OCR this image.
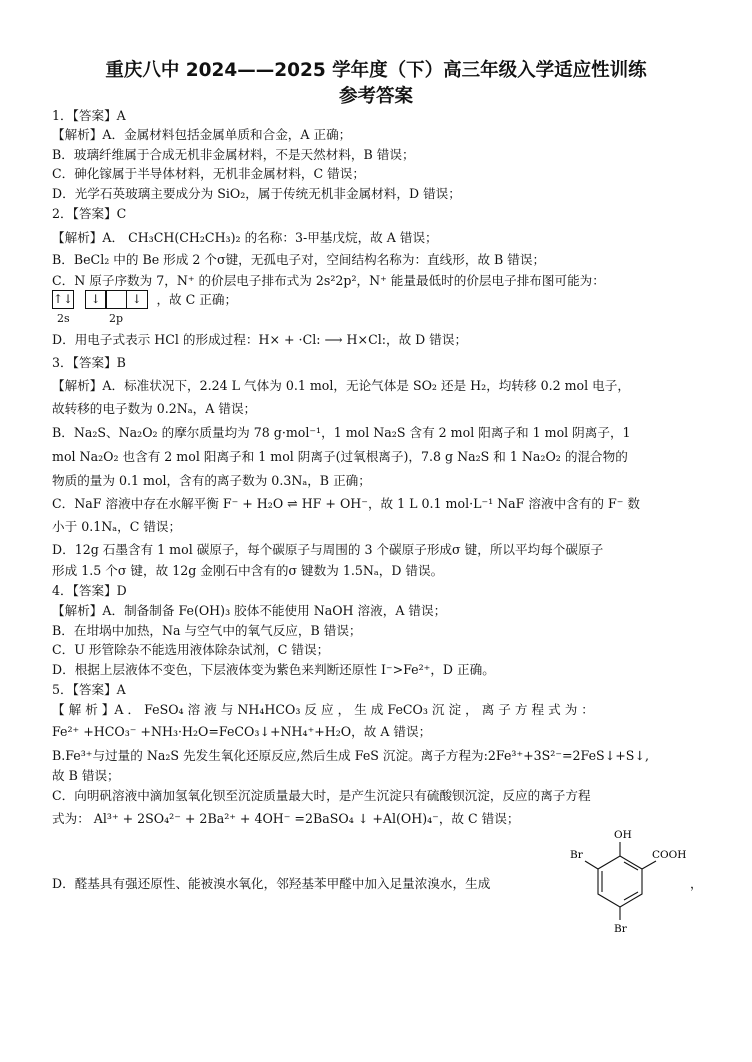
重庆八中 2024——2025 学年度（下）高三年级入学适应性训练
参考答案
1．【答案】A
【解析】A．金属材料包括金属单质和合金，A 正确；
B．玻璃纤维属于合成无机非金属材料，不是天然材料，B 错误；
C．砷化镓属于半导体材料，无机非金属材料，C 错误；
D．光学石英玻璃主要成分为 SiO₂，属于传统无机非金属材料，D 错误；
2．【答案】C
【解析】A． CH₃CH(CH₂CH₃)₂ 的名称：3-甲基戊烷，故 A 错误；
B．BeCl₂ 中的 Be 形成 2 个σ键，无孤电子对，空间结构名称为：直线形，故 B 错误；
C．N 原子序数为 7，N⁺ 的价层电子排布式为 2s²2p²，N⁺ 能量最低时的价层电子排布图可能为：
D．用电子式表示 HCl 的形成过程：H× + ·Cl: ⟶ H×Cl:，故 D 错误；
3．【答案】B
【解析】A．标准状况下，2.24 L 气体为 0.1 mol，无论气体是 SO₂ 还是 H₂，均转移 0.2 mol 电子，
故转移的电子数为 0.2Nₐ，A 错误；
B．Na₂S、Na₂O₂ 的摩尔质量均为 78 g·mol⁻¹，1 mol Na₂S 含有 2 mol 阳离子和 1 mol 阴离子，1
mol Na₂O₂ 也含有 2 mol 阳离子和 1 mol 阴离子(过氧根离子)，7.8 g Na₂S 和 1 Na₂O₂ 的混合物的
物质的量为 0.1 mol，含有的离子数为 0.3Nₐ，B 正确；
C．NaF 溶液中存在水解平衡 F⁻ + H₂O ⇌ HF + OH⁻，故 1 L 0.1 mol·L⁻¹ NaF 溶液中含有的 F⁻ 数
小于 0.1Nₐ，C 错误；
D．12g 石墨含有 1 mol 碳原子，每个碳原子与周围的 3 个碳原子形成σ 键，所以平均每个碳原子
形成 1.5 个σ 键，故 12g 金刚石中含有的σ 键数为 1.5Nₐ，D 错误。
4．【答案】D
【解析】A．制备制备 Fe(OH)₃ 胶体不能使用 NaOH 溶液，A 错误；
B．在坩埚中加热，Na 与空气中的氧气反应，B 错误；
C．U 形管除杂不能选用液体除杂试剂，C 错误；
D．根据上层液体不变色，下层液体变为紫色来判断还原性 I⁻>Fe²⁺，D 正确。
5．【答案】A
【 解 析 】A ． FeSO₄ 溶 液 与 NH₄HCO₃ 反 应 ， 生 成 FeCO₃ 沉 淀 ， 离 子 方 程 式 为 ：
Fe²⁺ +HCO₃⁻ +NH₃·H₂O=FeCO₃↓+NH₄⁺+H₂O，故 A 错误；
B.Fe³⁺与过量的 Na₂S 先发生氧化还原反应,然后生成 FeS 沉淀。离子方程为:2Fe³⁺+3S²⁻=2FeS↓+S↓,
故 B 错误；
C．向明矾溶液中滴加氢氧化钡至沉淀质量最大时，是产生沉淀只有硫酸钡沉淀，反应的离子方程
式为： Al³⁺ + 2SO₄²⁻ + 2Ba²⁺ + 4OH⁻ =2BaSO₄ ↓ +Al(OH)₄⁻，故 C 错误；
D．醛基具有强还原性、能被溴水氧化，邻羟基苯甲醛中加入足量浓溴水，生成
↑↓	↓	↓	，故 C 正确；
2s	2p
OH
COOH
Br
Br
，
